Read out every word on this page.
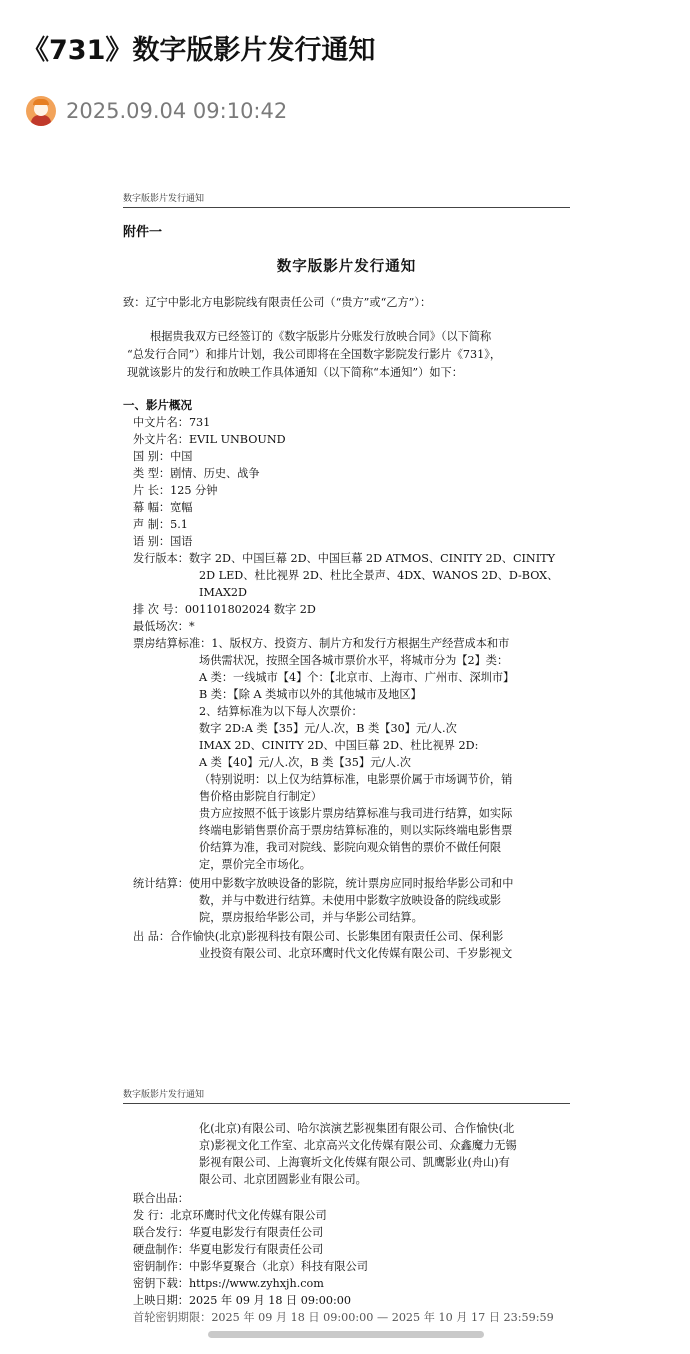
《731》数字版影片发行通知
2025.09.04 09:10:42
数字版影片发行通知
附件一
数字版影片发行通知
致：辽宁中影北方电影院线有限责任公司（“贵方”或“乙方”）：
根据贵我双方已经签订的《数字版影片分账发行放映合同》（以下简称
“总发行合同”）和排片计划，我公司即将在全国数字影院发行影片《731》，
现就该影片的发行和放映工作具体通知（以下简称“本通知”）如下：
一、影片概况
中文片名：731
外文片名：EVIL UNBOUND
国 别：中国
类 型：剧情、历史、战争
片 长：125 分钟
幕 幅：宽幅
声 制：5.1
语 别：国语
发行版本：数字 2D、中国巨幕 2D、中国巨幕 2D ATMOS、CINITY 2D、CINITY
2D LED、杜比视界 2D、杜比全景声、4DX、WANOS 2D、D-BOX、
IMAX2D
排 次 号：001101802024 数字 2D
最低场次：*
票房结算标准：1、版权方、投资方、制片方和发行方根据生产经营成本和市
场供需状况，按照全国各城市票价水平，将城市分为【2】类：
A 类：一线城市【4】个：【北京市、上海市、广州市、深圳市】
B 类：【除 A 类城市以外的其他城市及地区】
2、结算标准为以下每人次票价：
数字 2D:A 类【35】元/人.次，B 类【30】元/人.次
IMAX 2D、CINITY 2D、中国巨幕 2D、杜比视界 2D:
A 类【40】元/人.次，B 类【35】元/人.次
（特别说明：以上仅为结算标准，电影票价属于市场调节价，销
售价格由影院自行制定）
贵方应按照不低于该影片票房结算标准与我司进行结算，如实际
终端电影销售票价高于票房结算标准的，则以实际终端电影售票
价结算为准，我司对院线、影院向观众销售的票价不做任何限
定，票价完全市场化。
统计结算：使用中影数字放映设备的影院，统计票房应同时报给华影公司和中
数，并与中数进行结算。未使用中影数字放映设备的院线或影
院，票房报给华影公司，并与华影公司结算。
出 品：合作愉快(北京)影视科技有限公司、长影集团有限责任公司、保利影
业投资有限公司、北京环鹰时代文化传媒有限公司、千岁影视文
数字版影片发行通知
化(北京)有限公司、哈尔滨演艺影视集团有限公司、合作愉快(北
京)影视文化工作室、北京高兴文化传媒有限公司、众鑫魔力无锡
影视有限公司、上海寰圻文化传媒有限公司、凯鹰影业(舟山)有
限公司、北京团圆影业有限公司。
联合出品：
发 行：北京环鹰时代文化传媒有限公司
联合发行：华夏电影发行有限责任公司
硬盘制作：华夏电影发行有限责任公司
密钥制作：中影华夏聚合（北京）科技有限公司
密钥下载：https://www.zyhxjh.com
上映日期：2025 年 09 月 18 日 09:00:00
首轮密钥期限：2025 年 09 月 18 日 09:00:00 — 2025 年 10 月 17 日 23:59:59
